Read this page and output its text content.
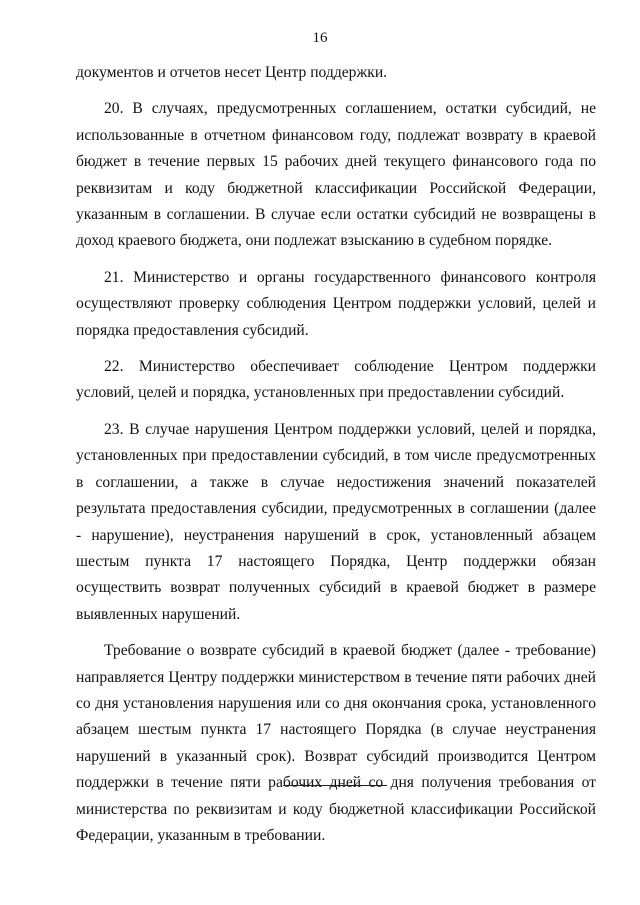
16

документов и отчетов несет Центр поддержки.

20. В случаях, предусмотренных соглашением, остатки субсидий, не использованные в отчетном финансовом году, подлежат возврату в краевой бюджет в течение первых 15 рабочих дней текущего финансового года по реквизитам и коду бюджетной классификации Российской Федерации, указанным в соглашении. В случае если остатки субсидий не возвращены в доход краевого бюджета, они подлежат взысканию в судебном порядке.

21. Министерство и органы государственного финансового контроля осуществляют проверку соблюдения Центром поддержки условий, целей и порядка предоставления субсидий.

22. Министерство обеспечивает соблюдение Центром поддержки условий, целей и порядка, установленных при предоставлении субсидий.

23. В случае нарушения Центром поддержки условий, целей и порядка, установленных при предоставлении субсидий, в том числе предусмотренных в соглашении, а также в случае недостижения значений показателей результата предоставления субсидии, предусмотренных в соглашении (далее - нарушение), неустранения нарушений в срок, установленный абзацем шестым пункта 17 настоящего Порядка, Центр поддержки обязан осуществить возврат полученных субсидий в краевой бюджет в размере выявленных нарушений.

Требование о возврате субсидий в краевой бюджет (далее - требование) направляется Центру поддержки министерством в течение пяти рабочих дней со дня установления нарушения или со дня окончания срока, установленного абзацем шестым пункта 17 настоящего Порядка (в случае неустранения нарушений в указанный срок). Возврат субсидий производится Центром поддержки в течение пяти рабочих дней со дня получения требования от министерства по реквизитам и коду бюджетной классификации Российской Федерации, указанным в требовании.
